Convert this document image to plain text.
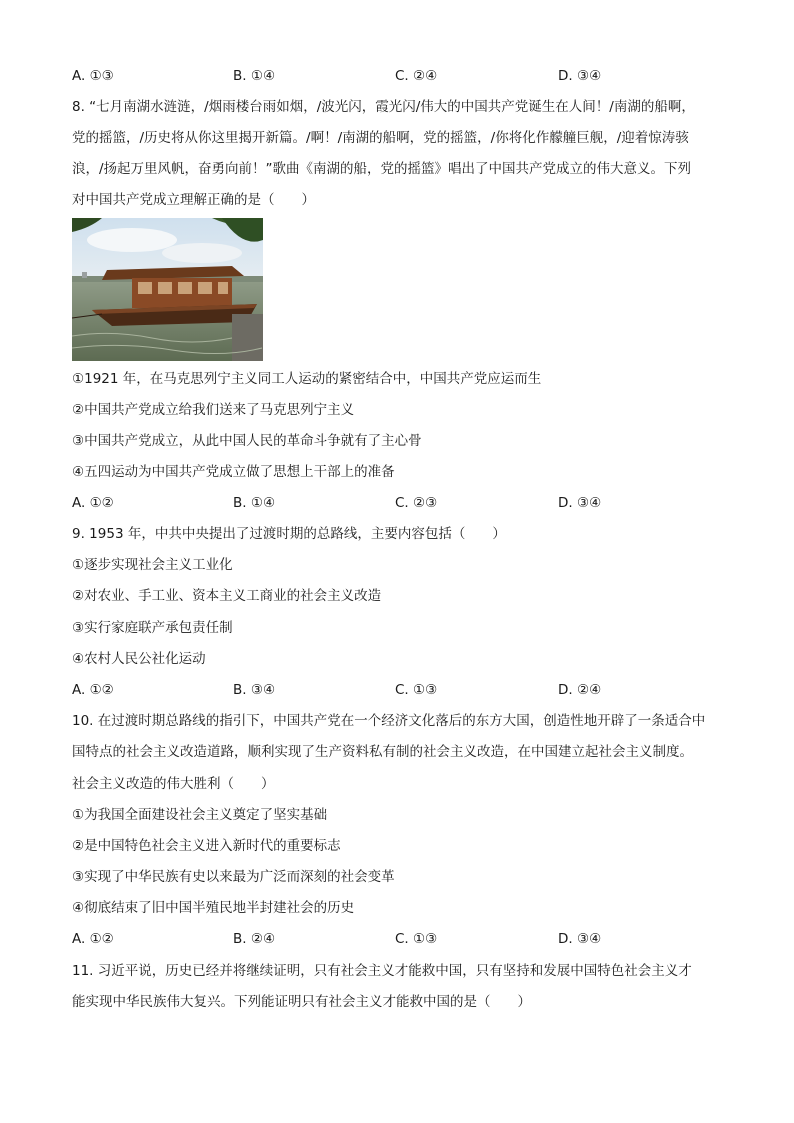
A. ①③	B. ①④	C. ②④	D. ③④
8. “七月南湖水涟涟，/烟雨楼台雨如烟，/波光闪，霞光闪/伟大的中国共产党诞生在人间！/南湖的船啊，
党的摇篮，/历史将从你这里揭开新篇。/啊！/南湖的船啊，党的摇篮，/你将化作艨艟巨舰，/迎着惊涛骇
浪，/扬起万里风帆，奋勇向前！”歌曲《南湖的船，党的摇篮》唱出了中国共产党成立的伟大意义。下列
对中国共产党成立理解正确的是（　　）
①1921 年，在马克思列宁主义同工人运动的紧密结合中，中国共产党应运而生
②中国共产党成立给我们送来了马克思列宁主义
③中国共产党成立，从此中国人民的革命斗争就有了主心骨
④五四运动为中国共产党成立做了思想上干部上的准备
A. ①②	B. ①④	C. ②③	D. ③④
9. 1953 年，中共中央提出了过渡时期的总路线，主要内容包括（　　）
①逐步实现社会主义工业化
②对农业、手工业、资本主义工商业的社会主义改造
③实行家庭联产承包责任制
④农村人民公社化运动
A. ①②	B. ③④	C. ①③	D. ②④
10. 在过渡时期总路线的指引下，中国共产党在一个经济文化落后的东方大国，创造性地开辟了一条适合中
国特点的社会主义改造道路，顺利实现了生产资料私有制的社会主义改造，在中国建立起社会主义制度。
社会主义改造的伟大胜利（　　）
①为我国全面建设社会主义奠定了坚实基础
②是中国特色社会主义进入新时代的重要标志
③实现了中华民族有史以来最为广泛而深刻的社会变革
④彻底结束了旧中国半殖民地半封建社会的历史
A. ①②	B. ②④	C. ①③	D. ③④
11. 习近平说，历史已经并将继续证明，只有社会主义才能救中国，只有坚持和发展中国特色社会主义才
能实现中华民族伟大复兴。下列能证明只有社会主义才能救中国的是（　　）
